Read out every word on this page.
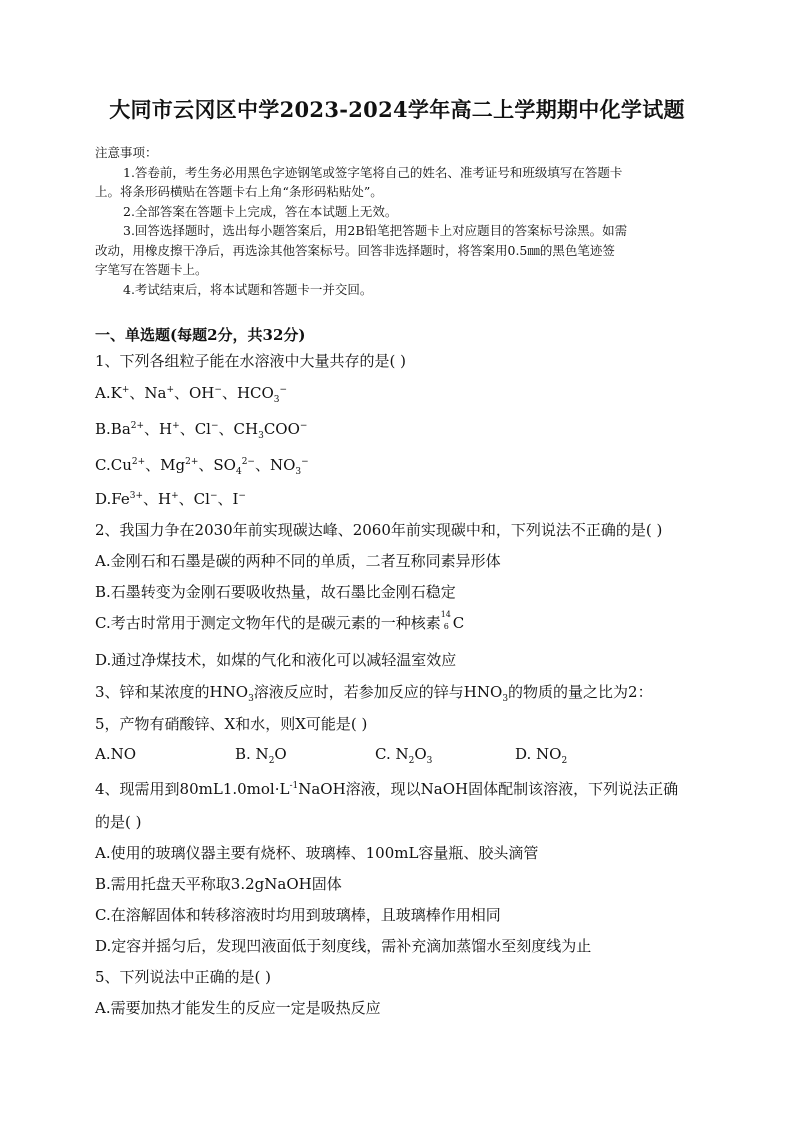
大同市云冈区中学2023-2024学年高二上学期期中化学试题

注意事项：

1.答卷前，考生务必用黑色字迹钢笔或签字笔将自己的姓名、准考证号和班级填写在答题卡

上。将条形码横贴在答题卡右上角“条形码粘贴处”。

2.全部答案在答题卡上完成，答在本试题上无效。

3.回答选择题时，选出每小题答案后，用2B铅笔把答题卡上对应题目的答案标号涂黑。如需

改动，用橡皮擦干净后，再选涂其他答案标号。回答非选择题时，将答案用0.5㎜的黑色笔迹签

字笔写在答题卡上。

4.考试结束后，将本试题和答题卡一并交回。

一、单选题(每题2分，共32分)
1、下列各组粒子能在水溶液中大量共存的是( )
A.K+、Na+、OH−、$HCO_3^-$
$B.Ba^{2+}$、H+、Cl−、$CH_3COO^-$
$C.Cu^{2+}$、$Mg^{2+}$、$SO_4^{2-}$、$NO_3^-$
$D.Fe^{3+}$、H+、Cl−、I−
2、我国力争在2030年前实现碳达峰、2060年前实现碳中和，下列说法不正确的是( )
A.金刚石和石墨是碳的两种不同的单质，二者互称同素异形体
B.石墨转变为金刚石要吸收热量，故石墨比金刚石稳定
C.考古时常用于测定文物年代的是碳元素的一种核素 14
6 C
D.通过净煤技术，如煤的气化和液化可以减轻温室效应
3、锌和某浓度的$HNO_3$溶液反应时，若参加反应的锌与$HNO_3$的物质的量之比为2：
5，产物有硝酸锌、X和水，则X可能是( )
A.NO	B. $N_2O$	C. $N_2O_3$	D. $NO_2$
4、现需用到$80mL1.0mol\cdot L^{-1}NaOH$溶液，现以NaOH固体配制该溶液，下列说法正确
的是( )
A.使用的玻璃仪器主要有烧杯、玻璃棒、100mL容量瓶、胶头滴管
B.需用托盘天平称取3.2gNaOH固体
C.在溶解固体和转移溶液时均用到玻璃棒，且玻璃棒作用相同
D.定容并摇匀后，发现凹液面低于刻度线，需补充滴加蒸馏水至刻度线为止
5、下列说法中正确的是( )
A.需要加热才能发生的反应一定是吸热反应
